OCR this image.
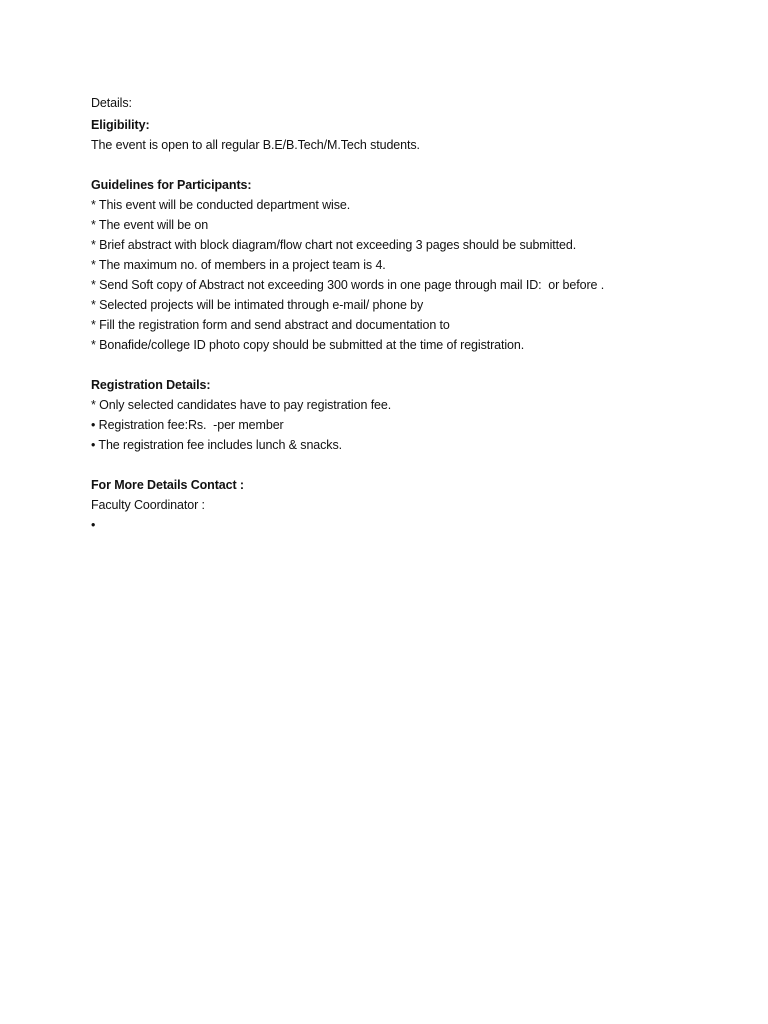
Details:
Eligibility:
The event is open to all regular B.E/B.Tech/M.Tech students.
Guidelines for Participants:
* This event will be conducted department wise.
* The event will be on
* Brief abstract with block diagram/flow chart not exceeding 3 pages should be submitted.
* The maximum no. of members in a project team is 4.
* Send Soft copy of Abstract not exceeding 300 words in one page through mail ID:  or before .
* Selected projects will be intimated through e-mail/ phone by
* Fill the registration form and send abstract and documentation to
* Bonafide/college ID photo copy should be submitted at the time of registration.
Registration Details:
* Only selected candidates have to pay registration fee.
• Registration fee:Rs.  -per member
• The registration fee includes lunch & snacks.
For More Details Contact :
Faculty Coordinator :
•
